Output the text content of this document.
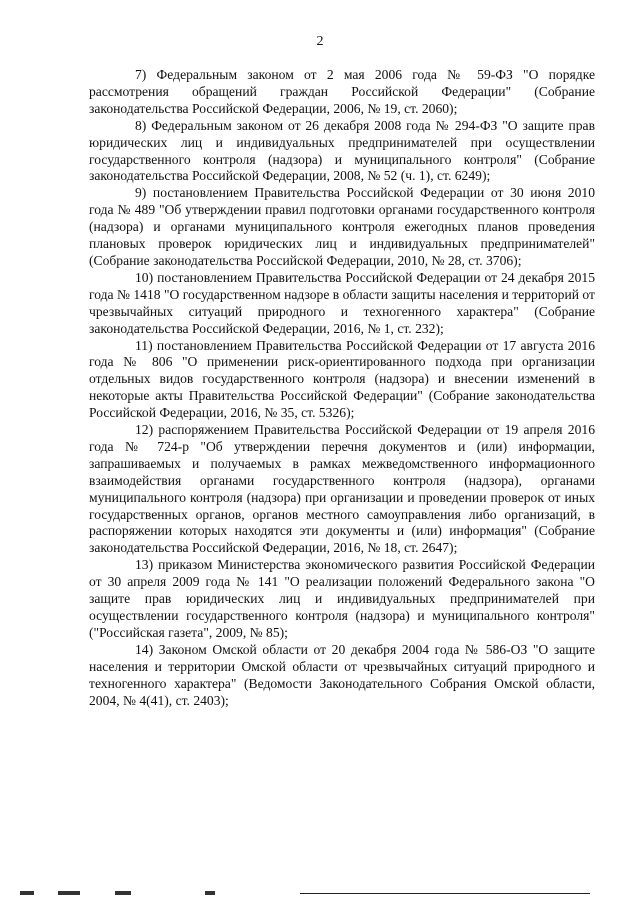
2

7) Федеральным законом от 2 мая 2006 года № 59-ФЗ "О порядке рассмотрения обращений граждан Российской Федерации" (Собрание законодательства Российской Федерации, 2006, № 19, ст. 2060);

8) Федеральным законом от 26 декабря 2008 года № 294-ФЗ "О защите прав юридических лиц и индивидуальных предпринимателей при осуществлении государственного контроля (надзора) и муниципального контроля" (Собрание законодательства Российской Федерации, 2008, № 52 (ч. 1), ст. 6249);

9) постановлением Правительства Российской Федерации от 30 июня 2010 года № 489 "Об утверждении правил подготовки органами государственного контроля (надзора) и органами муниципального контроля ежегодных планов проведения плановых проверок юридических лиц и индивидуальных предпринимателей" (Собрание законодательства Российской Федерации, 2010, № 28, ст. 3706);

10) постановлением Правительства Российской Федерации от 24 декабря 2015 года № 1418 "О государственном надзоре в области защиты населения и территорий от чрезвычайных ситуаций природного и техногенного характера" (Собрание законодательства Российской Федерации, 2016, № 1, ст. 232);

11) постановлением Правительства Российской Федерации от 17 августа 2016 года № 806 "О применении риск-ориентированного подхода при организации отдельных видов государственного контроля (надзора) и внесении изменений в некоторые акты Правительства Российской Федерации" (Собрание законодательства Российской Федерации, 2016, № 35, ст. 5326);

12) распоряжением Правительства Российской Федерации от 19 апреля 2016 года № 724-р "Об утверждении перечня документов и (или) информации, запрашиваемых и получаемых в рамках межведомственного информационного взаимодействия органами государственного контроля (надзора), органами муниципального контроля (надзора) при организации и проведении проверок от иных государственных органов, органов местного самоуправления либо организаций, в распоряжении которых находятся эти документы и (или) информация" (Собрание законодательства Российской Федерации, 2016, № 18, ст. 2647);

13) приказом Министерства экономического развития Российской Федерации от 30 апреля 2009 года № 141 "О реализации положений Федерального закона "О защите прав юридических лиц и индивидуальных предпринимателей при осуществлении государственного контроля (надзора) и муниципального контроля" ("Российская газета", 2009, № 85);

14) Законом Омской области от 20 декабря 2004 года № 586-ОЗ "О защите населения и территории Омской области от чрезвычайных ситуаций природного и техногенного характера" (Ведомости Законодательного Собрания Омской области, 2004, № 4(41), ст. 2403);
